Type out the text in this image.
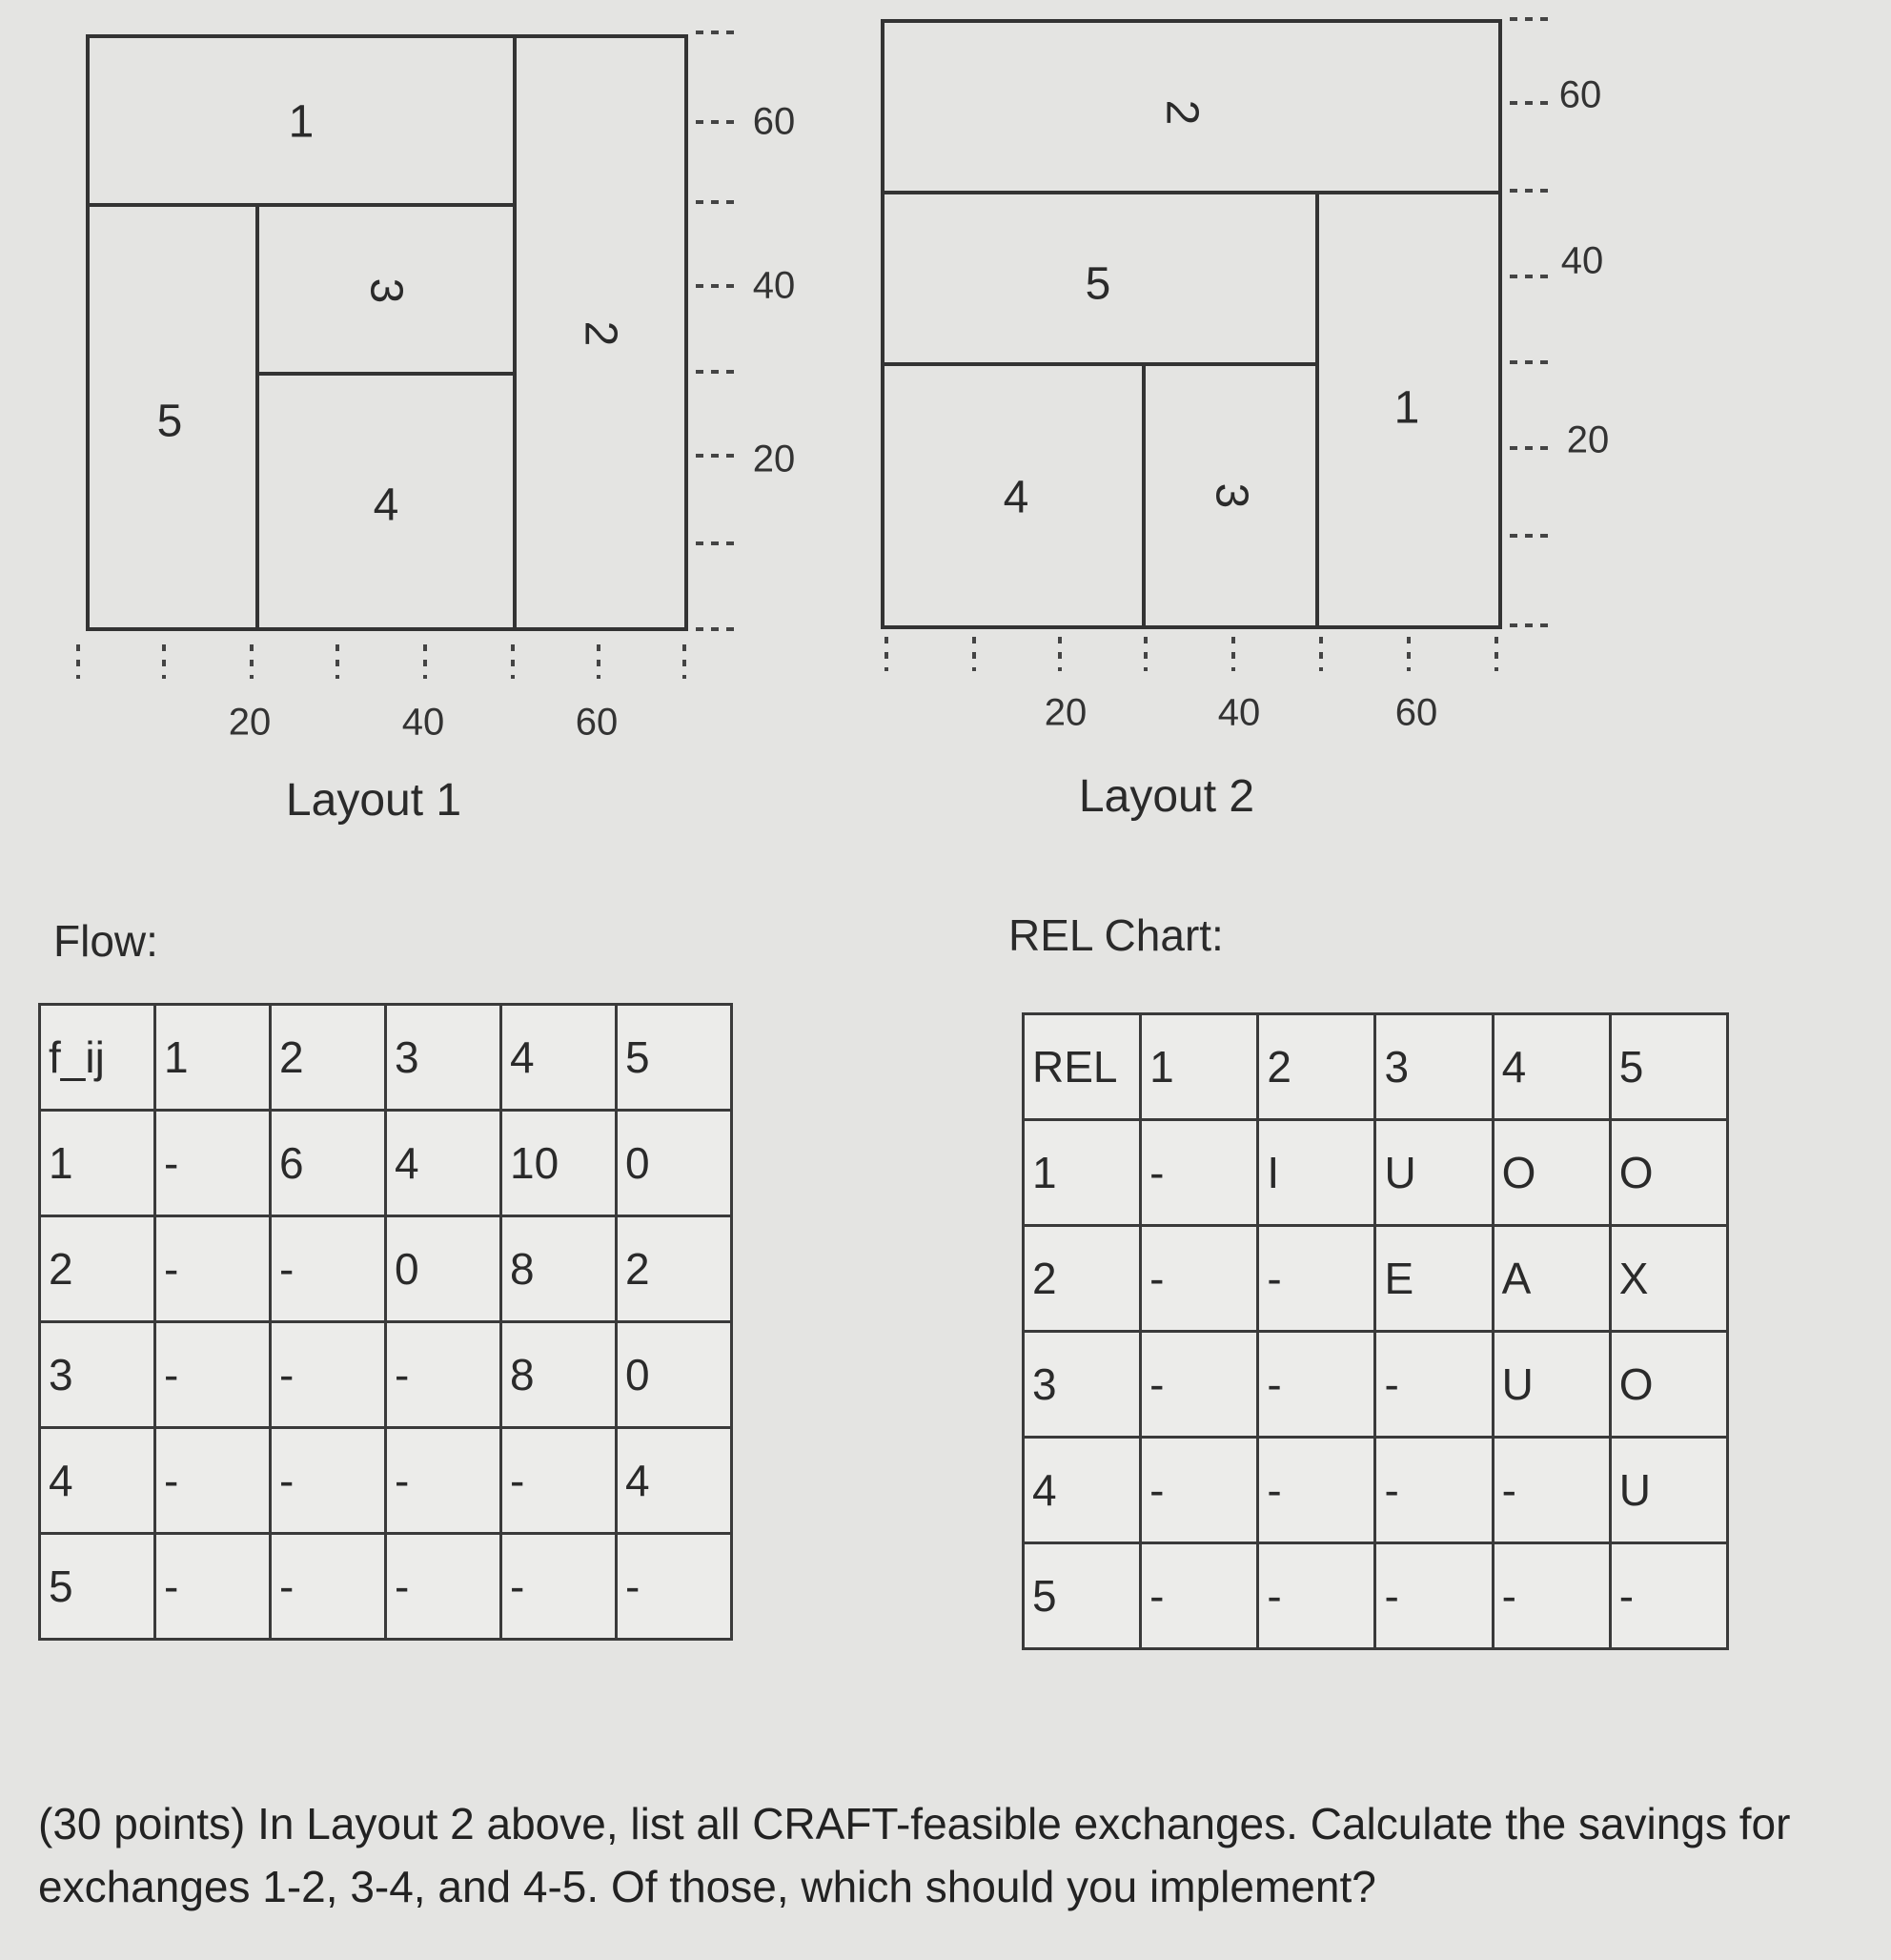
1
2
3
4
5
20	40	60
60
40
20
Layout 1
1
2
3
4
5
20	40	60
60
40
20
Layout 2
Flow:
f_ij	1	2	3	4	5
1	-	6	4	10	0
2	-	-	0	8	2
3	-	-	-	8	0
4	-	-	-	-	4
5	-	-	-	-	-
REL Chart:
REL	1	2	3	4	5
1	-	I	U	O	O
2	-	-	E	A	X
3	-	-	-	U	O
4	-	-	-	-	U
5	-	-	-	-	-
(30 points) In Layout 2 above, list all CRAFT-feasible exchanges. Calculate the savings for exchanges 1-2, 3-4, and 4-5. Of those, which should you implement?
